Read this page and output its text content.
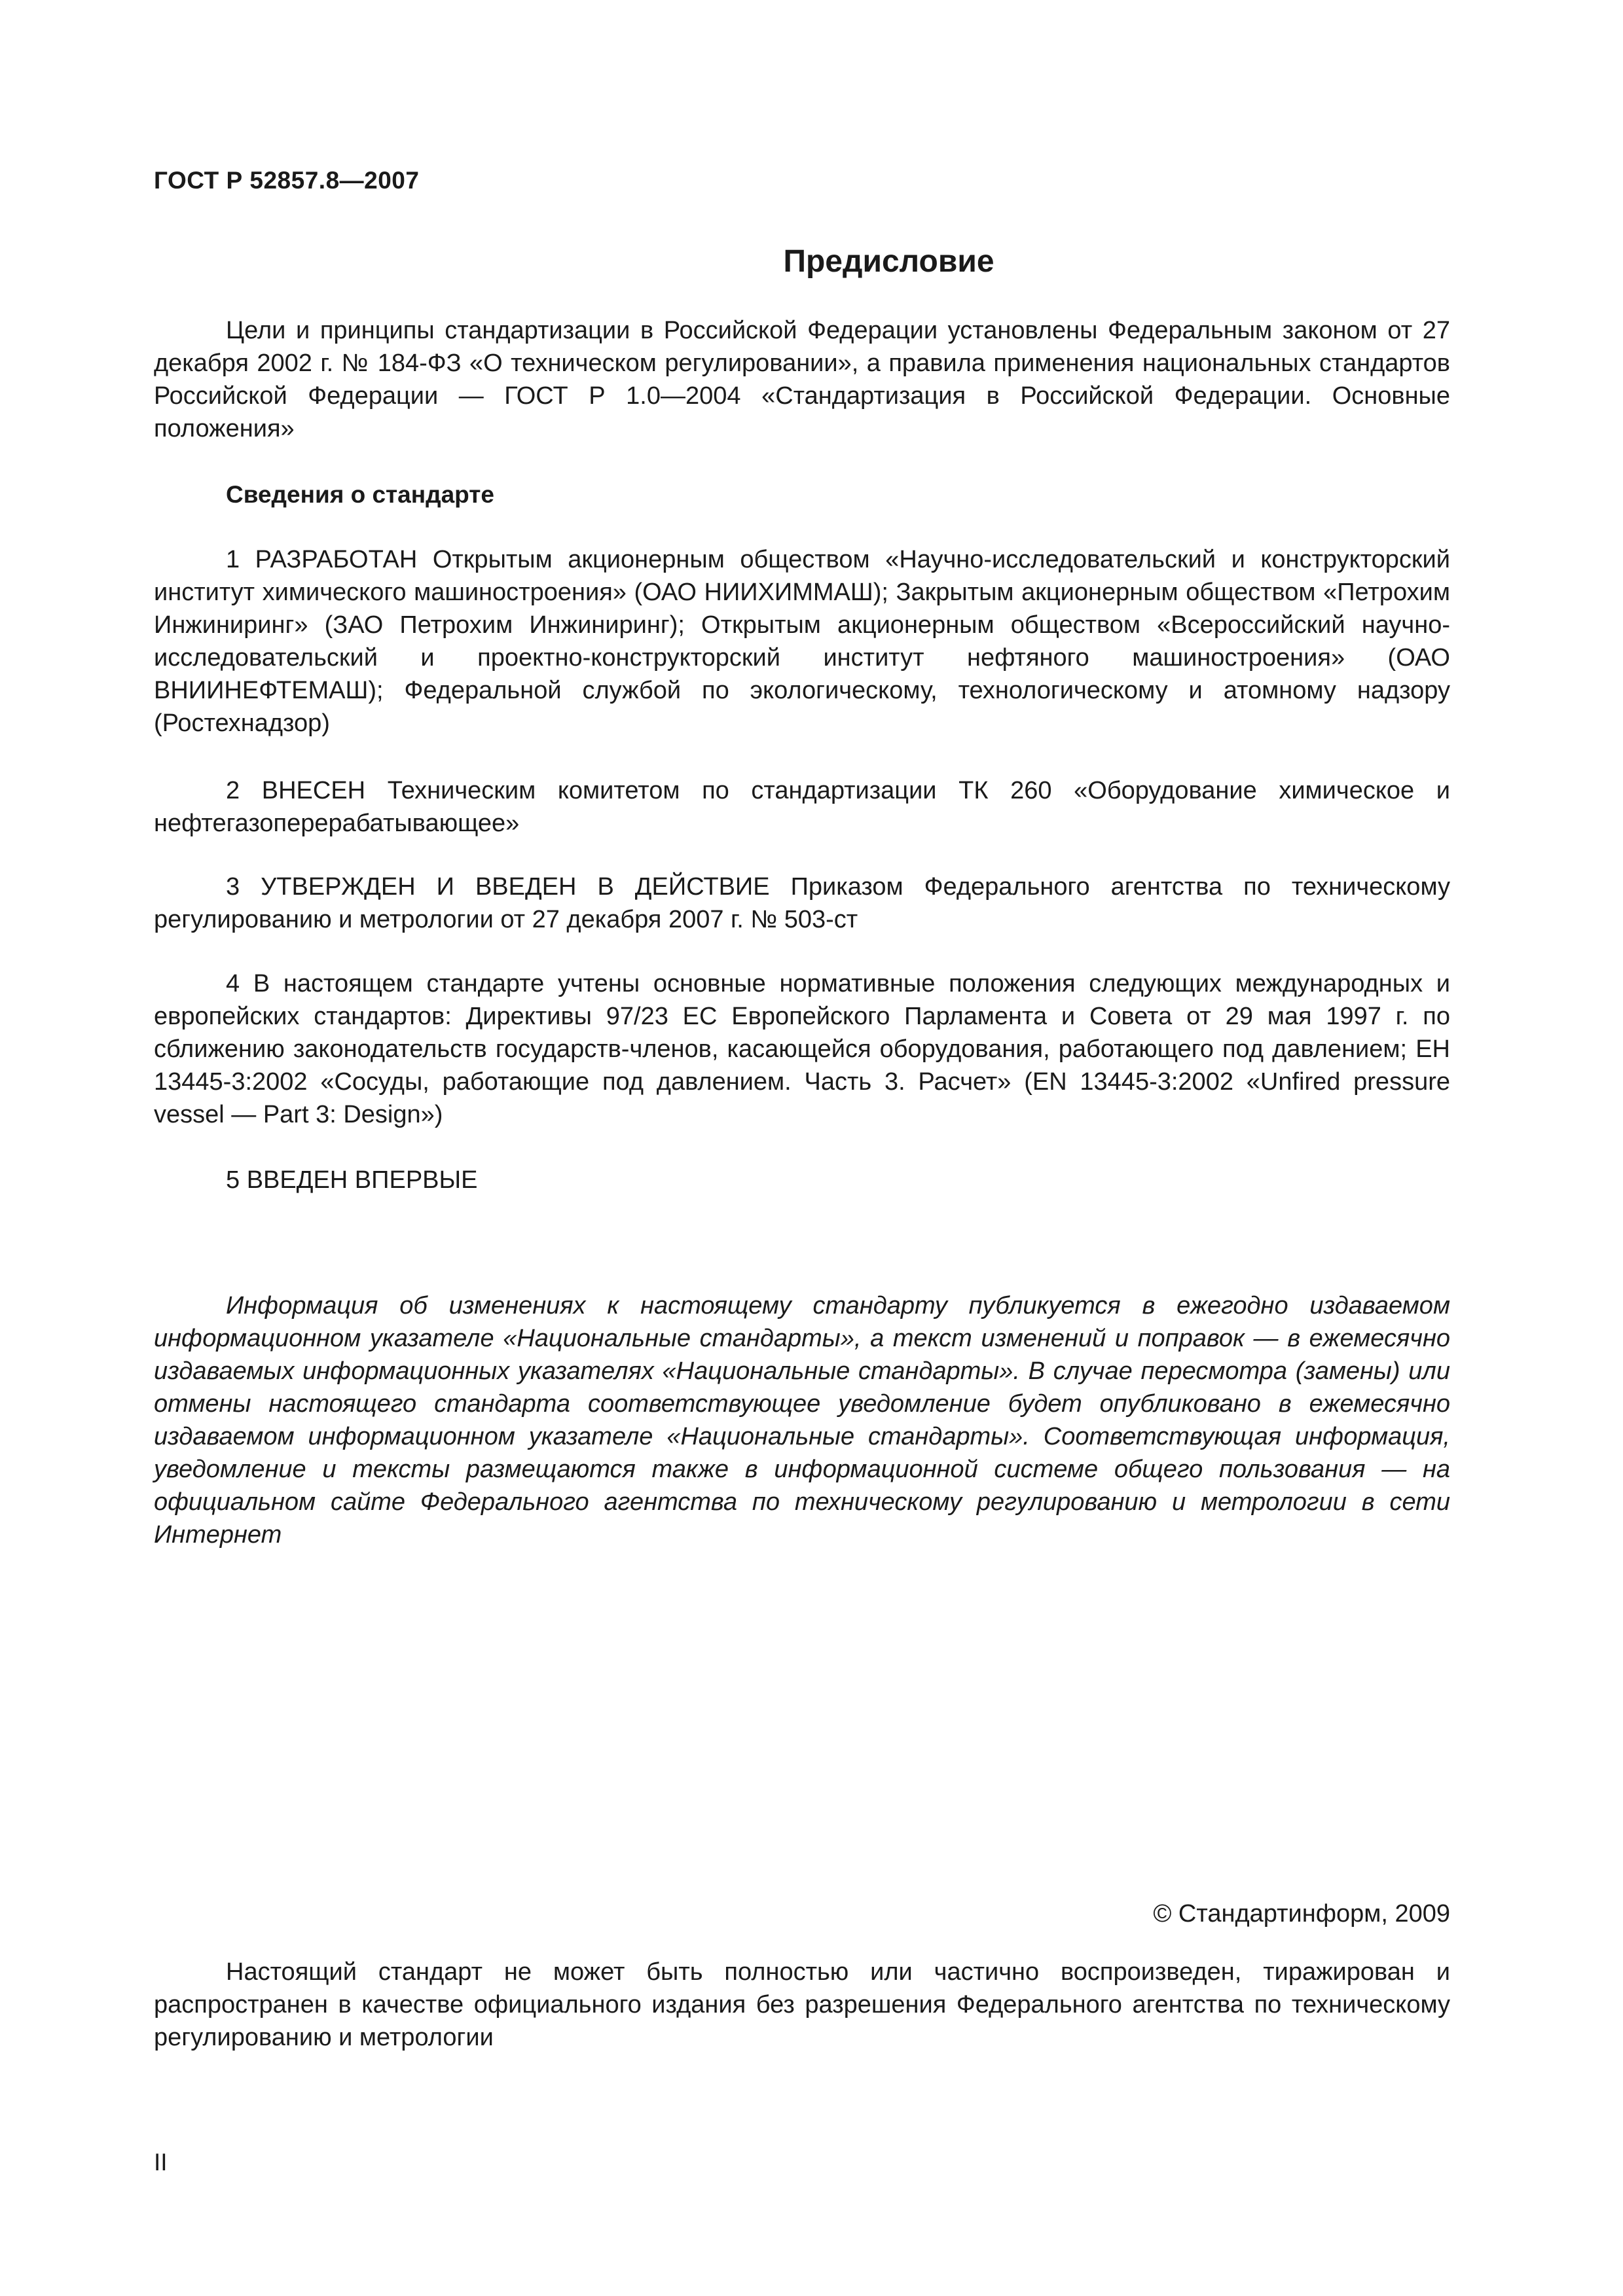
ГОСТ Р 52857.8—2007
Предисловие

Цели и принципы стандартизации в Российской Федерации установлены Федеральным законом от 27 декабря 2002 г. № 184-ФЗ «О техническом регулировании», а правила применения национальных стандартов Российской Федерации — ГОСТ Р 1.0—2004 «Стандартизация в Российской Федерации. Основные положения»

Сведения о стандарте

1 РАЗРАБОТАН Открытым акционерным обществом «Научно-исследовательский и конструкторский институт химического машиностроения» (ОАО НИИХИММАШ); Закрытым акционерным обществом «Петрохим Инжиниринг» (ЗАО Петрохим Инжиниринг); Открытым акционерным обществом «Всероссийский научно-исследовательский и проектно-конструкторский институт нефтяного машиностроения» (ОАО ВНИИНЕФТЕМАШ); Федеральной службой по экологическому, технологическому и атомному надзору (Ростехнадзор)

2 ВНЕСЕН Техническим комитетом по стандартизации ТК 260 «Оборудование химическое и нефтегазоперерабатывающее»

3 УТВЕРЖДЕН И ВВЕДЕН В ДЕЙСТВИЕ Приказом Федерального агентства по техническому регулированию и метрологии от 27 декабря 2007 г. № 503-ст

4 В настоящем стандарте учтены основные нормативные положения следующих международных и европейских стандартов: Директивы 97/23 ЕС Европейского Парламента и Совета от 29 мая 1997 г. по сближению законодательств государств-членов, касающейся оборудования, работающего под давлением; ЕН 13445-3:2002 «Сосуды, работающие под давлением. Часть 3. Расчет» (EN 13445-3:2002 «Unfired pressure vessel — Part 3: Design»)

5 ВВЕДЕН ВПЕРВЫЕ

Информация об изменениях к настоящему стандарту публикуется в ежегодно издаваемом информационном указателе «Национальные стандарты», а текст изменений и поправок — в ежемесячно издаваемых информационных указателях «Национальные стандарты». В случае пересмотра (замены) или отмены настоящего стандарта соответствующее уведомление будет опубликовано в ежемесячно издаваемом информационном указателе «Национальные стандарты». Соответствующая информация, уведомление и тексты размещаются также в информационной системе общего пользования — на официальном сайте Федерального агентства по техническому регулированию и метрологии в сети Интернет

© Стандартинформ, 2009

Настоящий стандарт не может быть полностью или частично воспроизведен, тиражирован и распространен в качестве официального издания без разрешения Федерального агентства по техническому регулированию и метрологии

II
